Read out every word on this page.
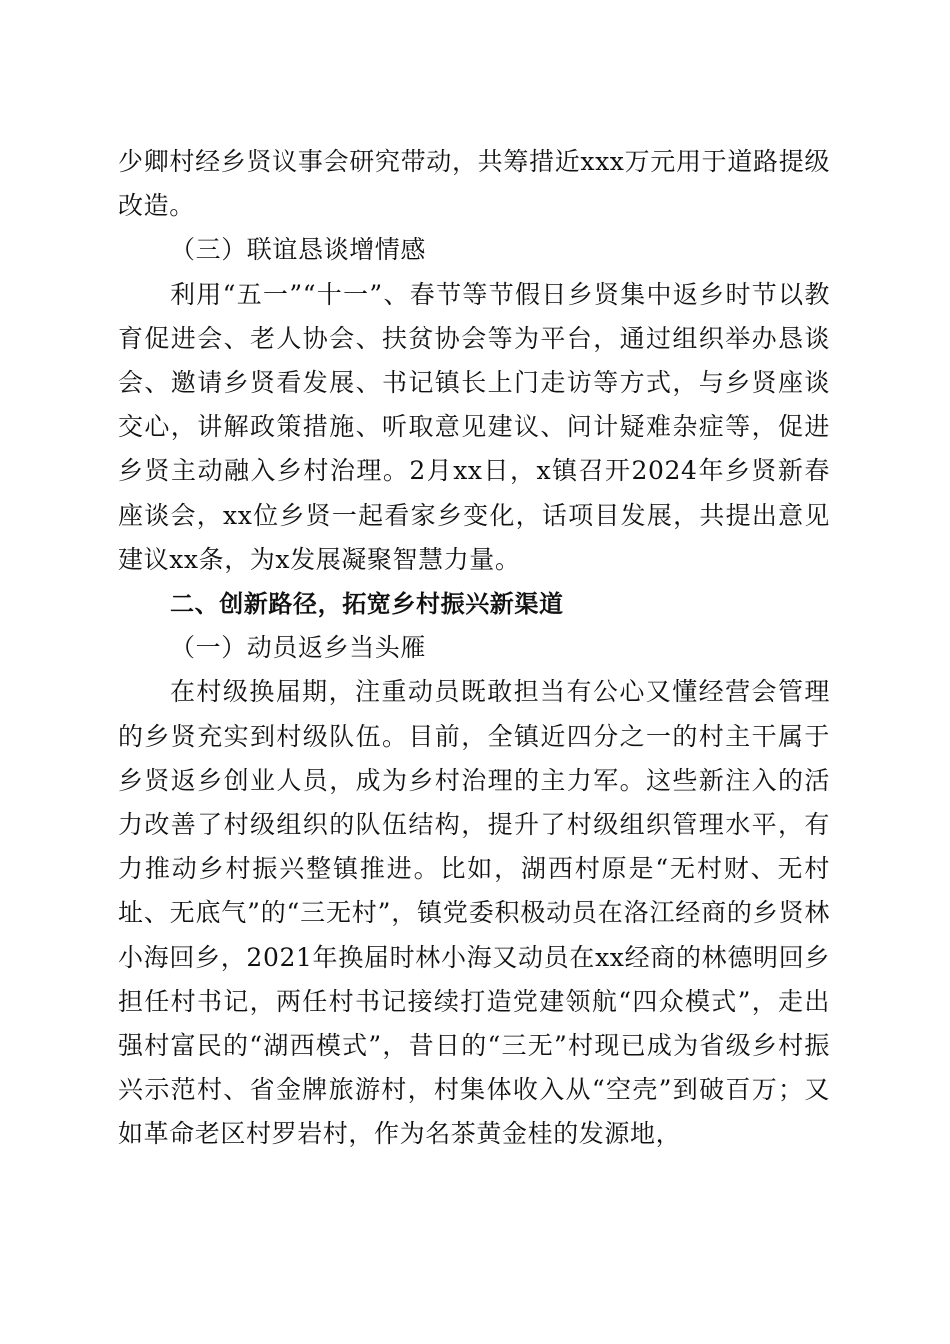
少卿村经乡贤议事会研究带动，共筹措近xxx万元用于道路提级改造。

（三）联谊恳谈增情感

利用“五一”“十一”、春节等节假日乡贤集中返乡时节以教育促进会、老人协会、扶贫协会等为平台，通过组织举办恳谈会、邀请乡贤看发展、书记镇长上门走访等方式，与乡贤座谈交心，讲解政策措施、听取意见建议、问计疑难杂症等，促进乡贤主动融入乡村治理。2月xx日，x镇召开2024年乡贤新春座谈会，xx位乡贤一起看家乡变化，话项目发展，共提出意见建议xx条，为x发展凝聚智慧力量。

二、创新路径，拓宽乡村振兴新渠道

（一）动员返乡当头雁

在村级换届期，注重动员既敢担当有公心又懂经营会管理的乡贤充实到村级队伍。目前，全镇近四分之一的村主干属于乡贤返乡创业人员，成为乡村治理的主力军。这些新注入的活力改善了村级组织的队伍结构，提升了村级组织管理水平，有力推动乡村振兴整镇推进。比如，湖西村原是“无村财、无村址、无底气”的“三无村”，镇党委积极动员在洛江经商的乡贤林小海回乡，2021年换届时林小海又动员在xx经商的林德明回乡担任村书记，两任村书记接续打造党建领航“四众模式”，走出强村富民的“湖西模式”，昔日的“三无”村现已成为省级乡村振兴示范村、省金牌旅游村，村集体收入从“空壳”到破百万；又如革命老区村罗岩村，作为名茶黄金桂的发源地，
